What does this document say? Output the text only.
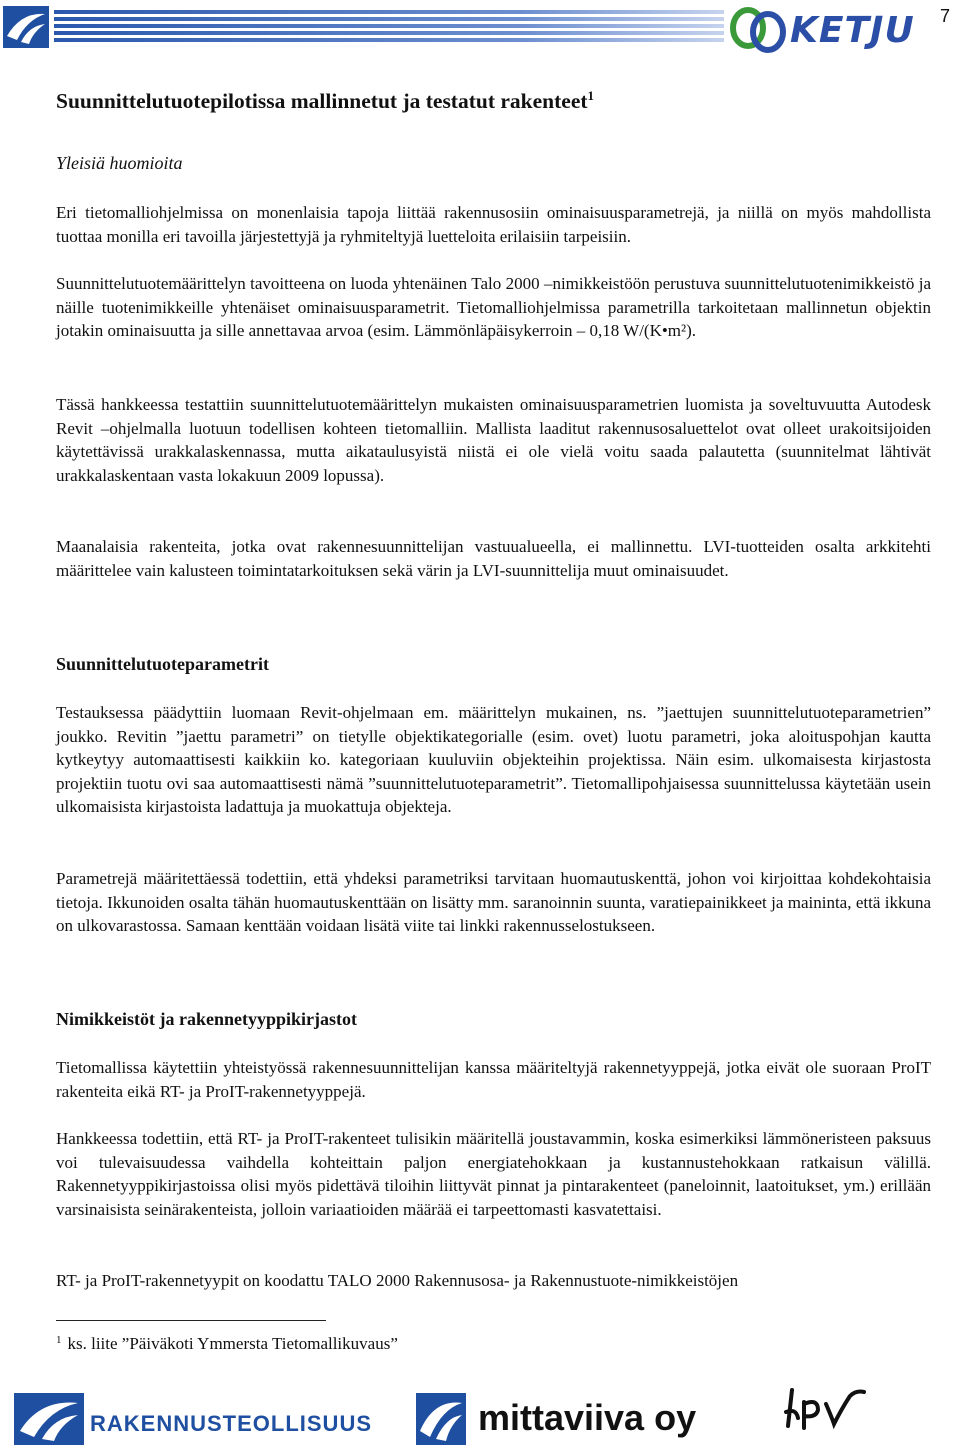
KETJU 7
Suunnittelutuotepilotissa mallinnetut ja testatut rakenteet$^1$

Yleisiä huomioita

Eri tietomalliohjelmissa on monenlaisia tapoja liittää rakennusosiin ominaisuusparametrejä, ja niillä on myös mahdollista tuottaa monilla eri tavoilla järjestettyjä ja ryhmiteltyjä luetteloita erilaisiin tarpeisiin.

Suunnittelutuotemäärittelyn tavoitteena on luoda yhtenäinen Talo 2000 –nimikkeistöön perustuva suunnittelutuotenimikkeistö ja näille tuotenimikkeille yhtenäiset ominaisuusparametrit. Tietomalliohjelmissa parametrilla tarkoitetaan mallinnetun objektin jotakin ominaisuutta ja sille annettavaa arvoa (esim. Lämmönläpäisykerroin – 0,18 W/(K•m²).

Tässä hankkeessa testattiin suunnittelutuotemäärittelyn mukaisten ominaisuusparametrien luomista ja soveltuvuutta Autodesk Revit –ohjelmalla luotuun todellisen kohteen tietomalliin. Mallista laaditut rakennusosaluettelot ovat olleet urakoitsijoiden käytettävissä urakkalaskennassa, mutta aikataulusyistä niistä ei ole vielä voitu saada palautetta (suunnitelmat lähtivät urakkalaskentaan vasta lokakuun 2009 lopussa).

Maanalaisia rakenteita, jotka ovat rakennesuunnittelijan vastuualueella, ei mallinnettu. LVI-tuotteiden osalta arkkitehti määrittelee vain kalusteen toimintatarkoituksen sekä värin ja LVI-suunnittelija muut ominaisuudet.

Suunnittelutuoteparametrit

Testauksessa päädyttiin luomaan Revit-ohjelmaan em. määrittelyn mukainen, ns. ”jaettujen suunnittelutuoteparametrien” joukko. Revitin ”jaettu parametri” on tietylle objektikategorialle (esim. ovet) luotu parametri, joka aloituspohjan kautta kytkeytyy automaattisesti kaikkiin ko. kategoriaan kuuluviin objekteihin projektissa. Näin esim. ulkomaisesta kirjastosta projektiin tuotu ovi saa automaattisesti nämä ”suunnittelutuoteparametrit”. Tietomallipohjaisessa suunnittelussa käytetään usein ulkomaisista kirjastoista ladattuja ja muokattuja objekteja.

Parametrejä määritettäessä todettiin, että yhdeksi parametriksi tarvitaan huomautuskenttä, johon voi kirjoittaa kohdekohtaisia tietoja. Ikkunoiden osalta tähän huomautuskenttään on lisätty mm. saranoinnin suunta, varatiepainikkeet ja maininta, että ikkuna on ulkovarastossa. Samaan kenttään voidaan lisätä viite tai linkki rakennusselostukseen.

Nimikkeistöt ja rakennetyyppikirjastot

Tietomallissa käytettiin yhteistyössä rakennesuunnittelijan kanssa määriteltyjä rakennetyyppejä, jotka eivät ole suoraan ProIT rakenteita eikä RT- ja ProIT-rakennetyyppejä.

Hankkeessa todettiin, että RT- ja ProIT-rakenteet tulisikin määritellä joustavammin, koska esimerkiksi lämmöneristeen paksuus voi tulevaisuudessa vaihdella kohteittain paljon energiatehokkaan ja kustannustehokkaan ratkaisun välillä. Rakennetyyppikirjastoissa olisi myös pidettävä tiloihin liittyvät pinnat ja pintarakenteet (paneloinnit, laatoitukset, ym.) erillään varsinaisista seinärakenteista, jolloin variaatioiden määrää ei tarpeettomasti kasvatettaisi.

RT- ja ProIT-rakennetyypit on koodattu TALO 2000 Rakennusosa- ja Rakennustuote-nimikkeistöjen

$^1$ ks. liite ”Päiväkoti Ymmersta Tietomallikuvaus”
RAKENNUSTEOLLISUUS	mittaviiva oy
